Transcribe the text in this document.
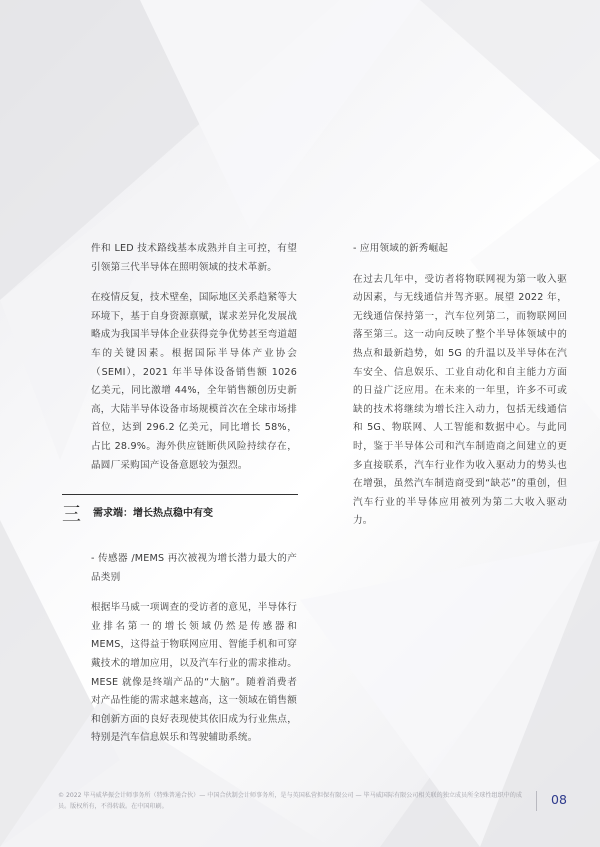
件和 LED 技术路线基本成熟并自主可控，有望引领第三代半导体在照明领域的技术革新。

在疫情反复，技术壁垒，国际地区关系趋紧等大环境下，基于自身资源禀赋，谋求差异化发展战略成为我国半导体企业获得竞争优势甚至弯道超车的关键因素。根据国际半导体产业协会（SEMI），2021 年半导体设备销售额 1026 亿美元，同比激增 44%，全年销售额创历史新高，大陆半导体设备市场规模首次在全球市场排首位，达到 296.2 亿美元，同比增长 58%，占比 28.9%。海外供应链断供风险持续存在，晶圆厂采购国产设备意愿较为强烈。

三 需求端：增长热点稳中有变

- 传感器 /MEMS 再次被视为增长潜力最大的产品类别

根据毕马威一项调查的受访者的意见，半导体行业排名第一的增长领域仍然是传感器和 MEMS，这得益于物联网应用、智能手机和可穿戴技术的增加应用，以及汽车行业的需求推动。MESE 就像是终端产品的“大脑”。随着消费者对产品性能的需求越来越高，这一领域在销售额和创新方面的良好表现使其依旧成为行业焦点，特别是汽车信息娱乐和驾驶辅助系统。

- 应用领域的新秀崛起

在过去几年中，受访者将物联网视为第一收入驱动因素，与无线通信并驾齐驱。展望 2022 年，无线通信保持第一，汽车位列第二，而物联网回落至第三。这一动向反映了整个半导体领域中的热点和最新趋势，如 5G 的升温以及半导体在汽车安全、信息娱乐、工业自动化和自主能力方面的日益广泛应用。在未来的一年里，许多不可或缺的技术将继续为增长注入动力，包括无线通信和 5G、物联网、人工智能和数据中心。与此同时，鉴于半导体公司和汽车制造商之间建立的更多直接联系，汽车行业作为收入驱动力的势头也在增强，虽然汽车制造商受到“缺芯”的重创，但汽车行业的半导体应用被列为第二大收入驱动力。

© 2022 毕马威华振会计师事务所（特殊普通合伙）— 中国合伙制会计师事务所，是与英国私营担保有限公司 — 毕马威国际有限公司相关联的独立成员所全球性组织中的成员。版权所有，不得转载。在中国印刷。	08
